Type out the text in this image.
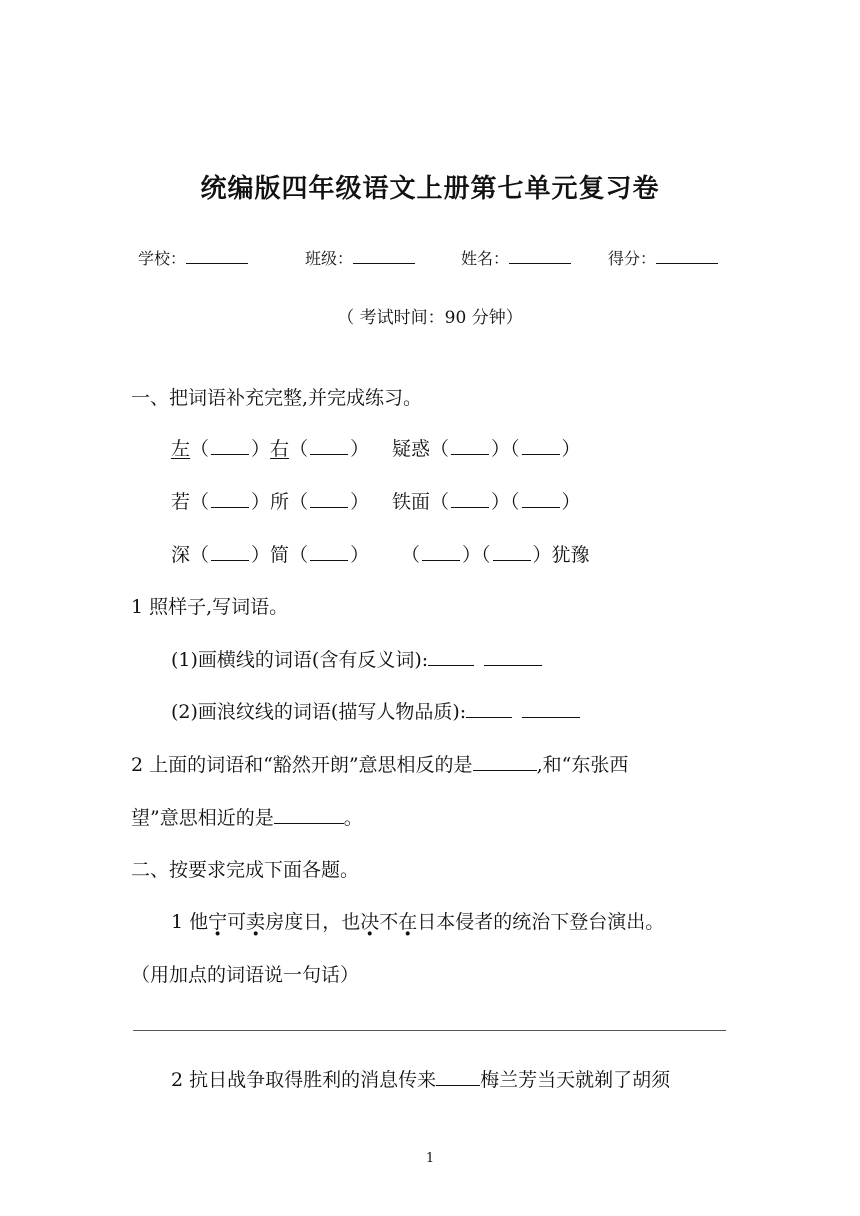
统编版四年级语文上册第七单元复习卷
学校：	班级：	姓名：	得分：
（ 考试时间：90 分钟）
一、把词语补充完整,并完成练习。
左（ ）右（ ） 疑惑（ ）（ ）
若（ ）所（ ） 铁面（ ）（ ）
深（ ）简（ ） （ ）（ ）犹豫
1 照样子,写词语。
(1)画横线的词语(含有反义词):
(2)画浪纹线的词语(描写人物品质):
2 上面的词语和“豁然开朗”意思相反的是	,和“东张西
望”意思相近的是	。
二、按要求完成下面各题。
1 他宁可卖房度日，也决不在日本侵者的统治下登台演出。
（用加点的词语说一句话）
2 抗日战争取得胜利的消息传来 梅兰芳当天就剃了胡须
1
